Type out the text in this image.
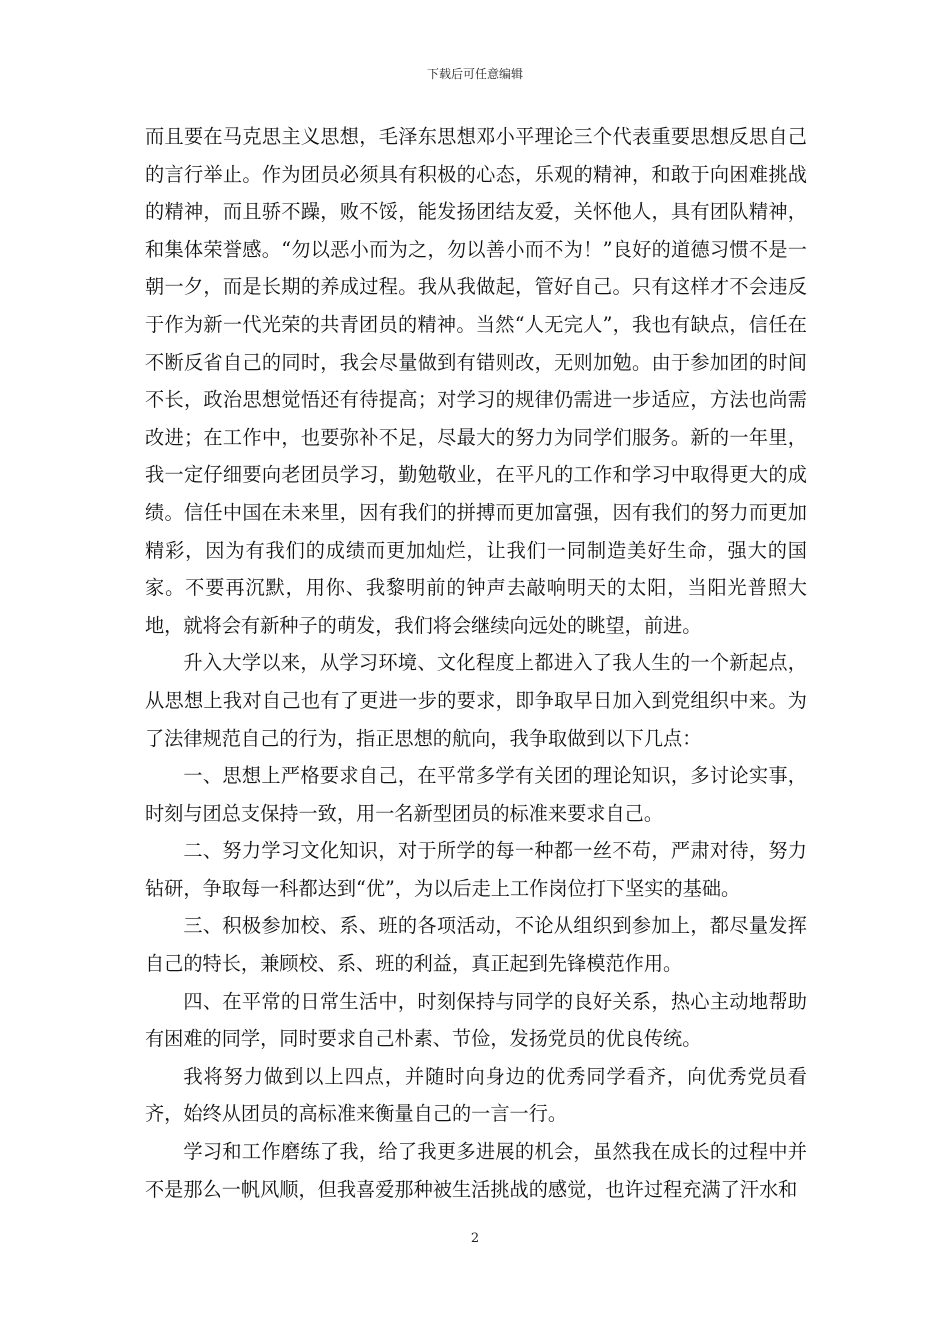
下载后可任意编辑

而且要在马克思主义思想，毛泽东思想邓小平理论三个代表重要思想反思自己的言行举止。作为团员必须具有积极的心态，乐观的精神，和敢于向困难挑战的精神，而且骄不躁，败不馁，能发扬团结友爱，关怀他人，具有团队精神，和集体荣誉感。“勿以恶小而为之，勿以善小而不为！”良好的道德习惯不是一朝一夕，而是长期的养成过程。我从我做起，管好自己。只有这样才不会违反于作为新一代光荣的共青团员的精神。当然“人无完人”，我也有缺点，信任在不断反省自己的同时，我会尽量做到有错则改，无则加勉。由于参加团的时间不长，政治思想觉悟还有待提高；对学习的规律仍需进一步适应，方法也尚需改进；在工作中，也要弥补不足，尽最大的努力为同学们服务。新的一年里，我一定仔细要向老团员学习，勤勉敬业，在平凡的工作和学习中取得更大的成绩。信任中国在未来里，因有我们的拼搏而更加富强，因有我们的努力而更加精彩，因为有我们的成绩而更加灿烂，让我们一同制造美好生命，强大的国家。不要再沉默，用你、我黎明前的钟声去敲响明天的太阳，当阳光普照大地，就将会有新种子的萌发，我们将会继续向远处的眺望，前进。

升入大学以来，从学习环境、文化程度上都进入了我人生的一个新起点，从思想上我对自己也有了更进一步的要求，即争取早日加入到党组织中来。为了法律规范自己的行为，指正思想的航向，我争取做到以下几点：

一、思想上严格要求自己，在平常多学有关团的理论知识，多讨论实事，时刻与团总支保持一致，用一名新型团员的标准来要求自己。

二、努力学习文化知识，对于所学的每一种都一丝不苟，严肃对待，努力钻研，争取每一科都达到“优”，为以后走上工作岗位打下坚实的基础。

三、积极参加校、系、班的各项活动，不论从组织到参加上，都尽量发挥自己的特长，兼顾校、系、班的利益，真正起到先锋模范作用。

四、在平常的日常生活中，时刻保持与同学的良好关系，热心主动地帮助有困难的同学，同时要求自己朴素、节俭，发扬党员的优良传统。

我将努力做到以上四点，并随时向身边的优秀同学看齐，向优秀党员看齐，始终从团员的高标准来衡量自己的一言一行。

学习和工作磨练了我，给了我更多进展的机会，虽然我在成长的过程中并不是那么一帆风顺，但我喜爱那种被生活挑战的感觉，也许过程充满了汗水和

2
